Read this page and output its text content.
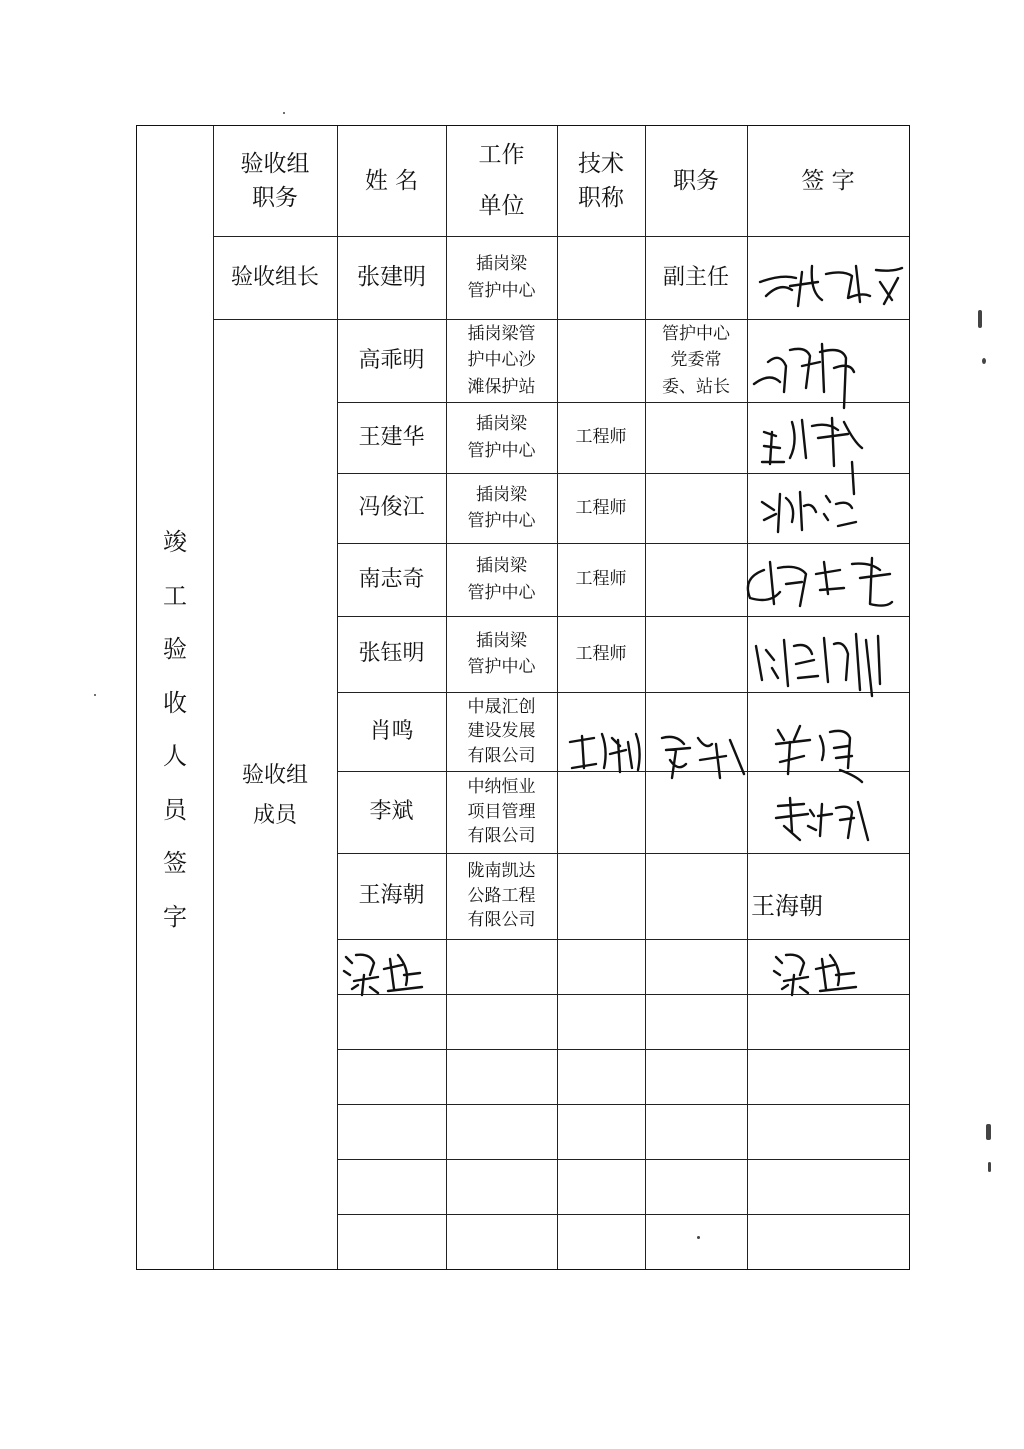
竣
工
验
收
人
员
签
字
验收组
职务
姓 名
工作
单位
技术
职称
职务	签 字
验收组长	张建明
插岗梁
管护中心
副主任
验收组
成员
高乖明
插岗梁管
护中心沙
滩保护站
管护中心
党委常
委、站长
王建华
插岗梁
管护中心
工程师
冯俊江
插岗梁
管护中心
工程师
南志奇
插岗梁
管护中心
工程师
张钰明
插岗梁
管护中心
工程师
肖鸣
中晟汇创
建设发展
有限公司
李斌
中纳恒业
项目管理
有限公司
王海朝
陇南凯达
公路工程
有限公司
王海朝
